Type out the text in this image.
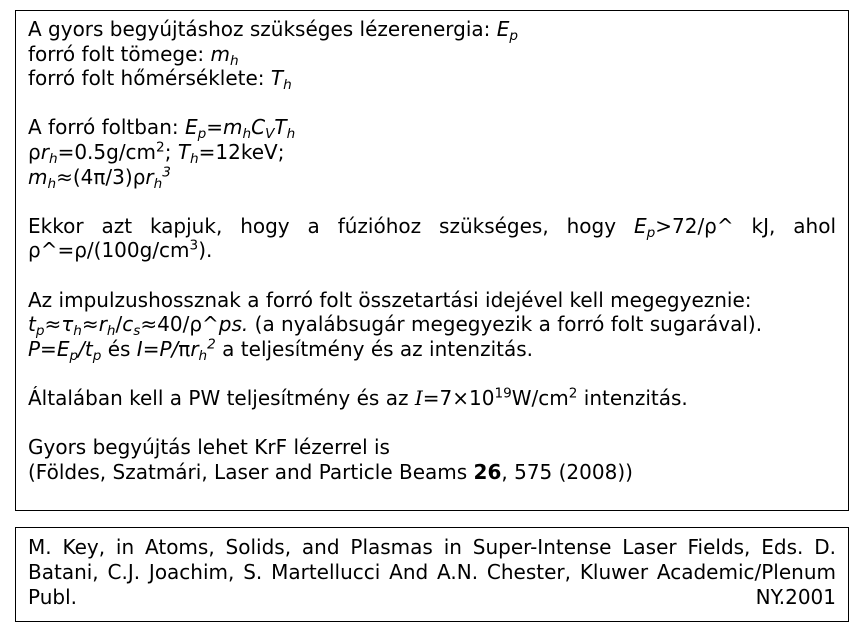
A gyors begyújtáshoz szükséges lézerenergia: $E_p$
forró folt tömege: $m_h$
forró folt hőmérséklete: $T_h$
A forró foltban: $E_p=m_hC_VT_h$
$\rho r_h=0.5g/cm^2$; $T_h=12keV$;
$m_h\approx(4\pi/3)\rho r_h^3$
Ekkor azt kapjuk, hogy a fúzióhoz szükséges, hogy $E_p>72/\rho\^{}$ kJ, ahol $\rho\^{}=\rho/(100g/cm^3)$.
Az impulzushossznak a forró folt összetartási idejével kell megegyeznie:
$t_p\approx\tau_h\approx r_h/c_s\approx 40/\rho\^{}ps$. (a nyalábsugár megegyezik a forró folt sugarával).
$P=E_p/t_p$ és $I=P/\pi r_h^2$ a teljesítmény és az intenzitás.
Általában kell a PW teljesítmény és az $I=7\times 10^{19}W/cm^2$ intenzitás.
Gyors begyújtás lehet KrF lézerrel is
(Földes, Szatmári, Laser and Particle Beams 26, 575 (2008))
M. Key, in Atoms, Solids, and Plasmas in Super-Intense Laser Fields, Eds. D. Batani, C.J. Joachim, S. Martellucci And A.N. Chester, Kluwer Academic/Plenum Publ. NY.2001
